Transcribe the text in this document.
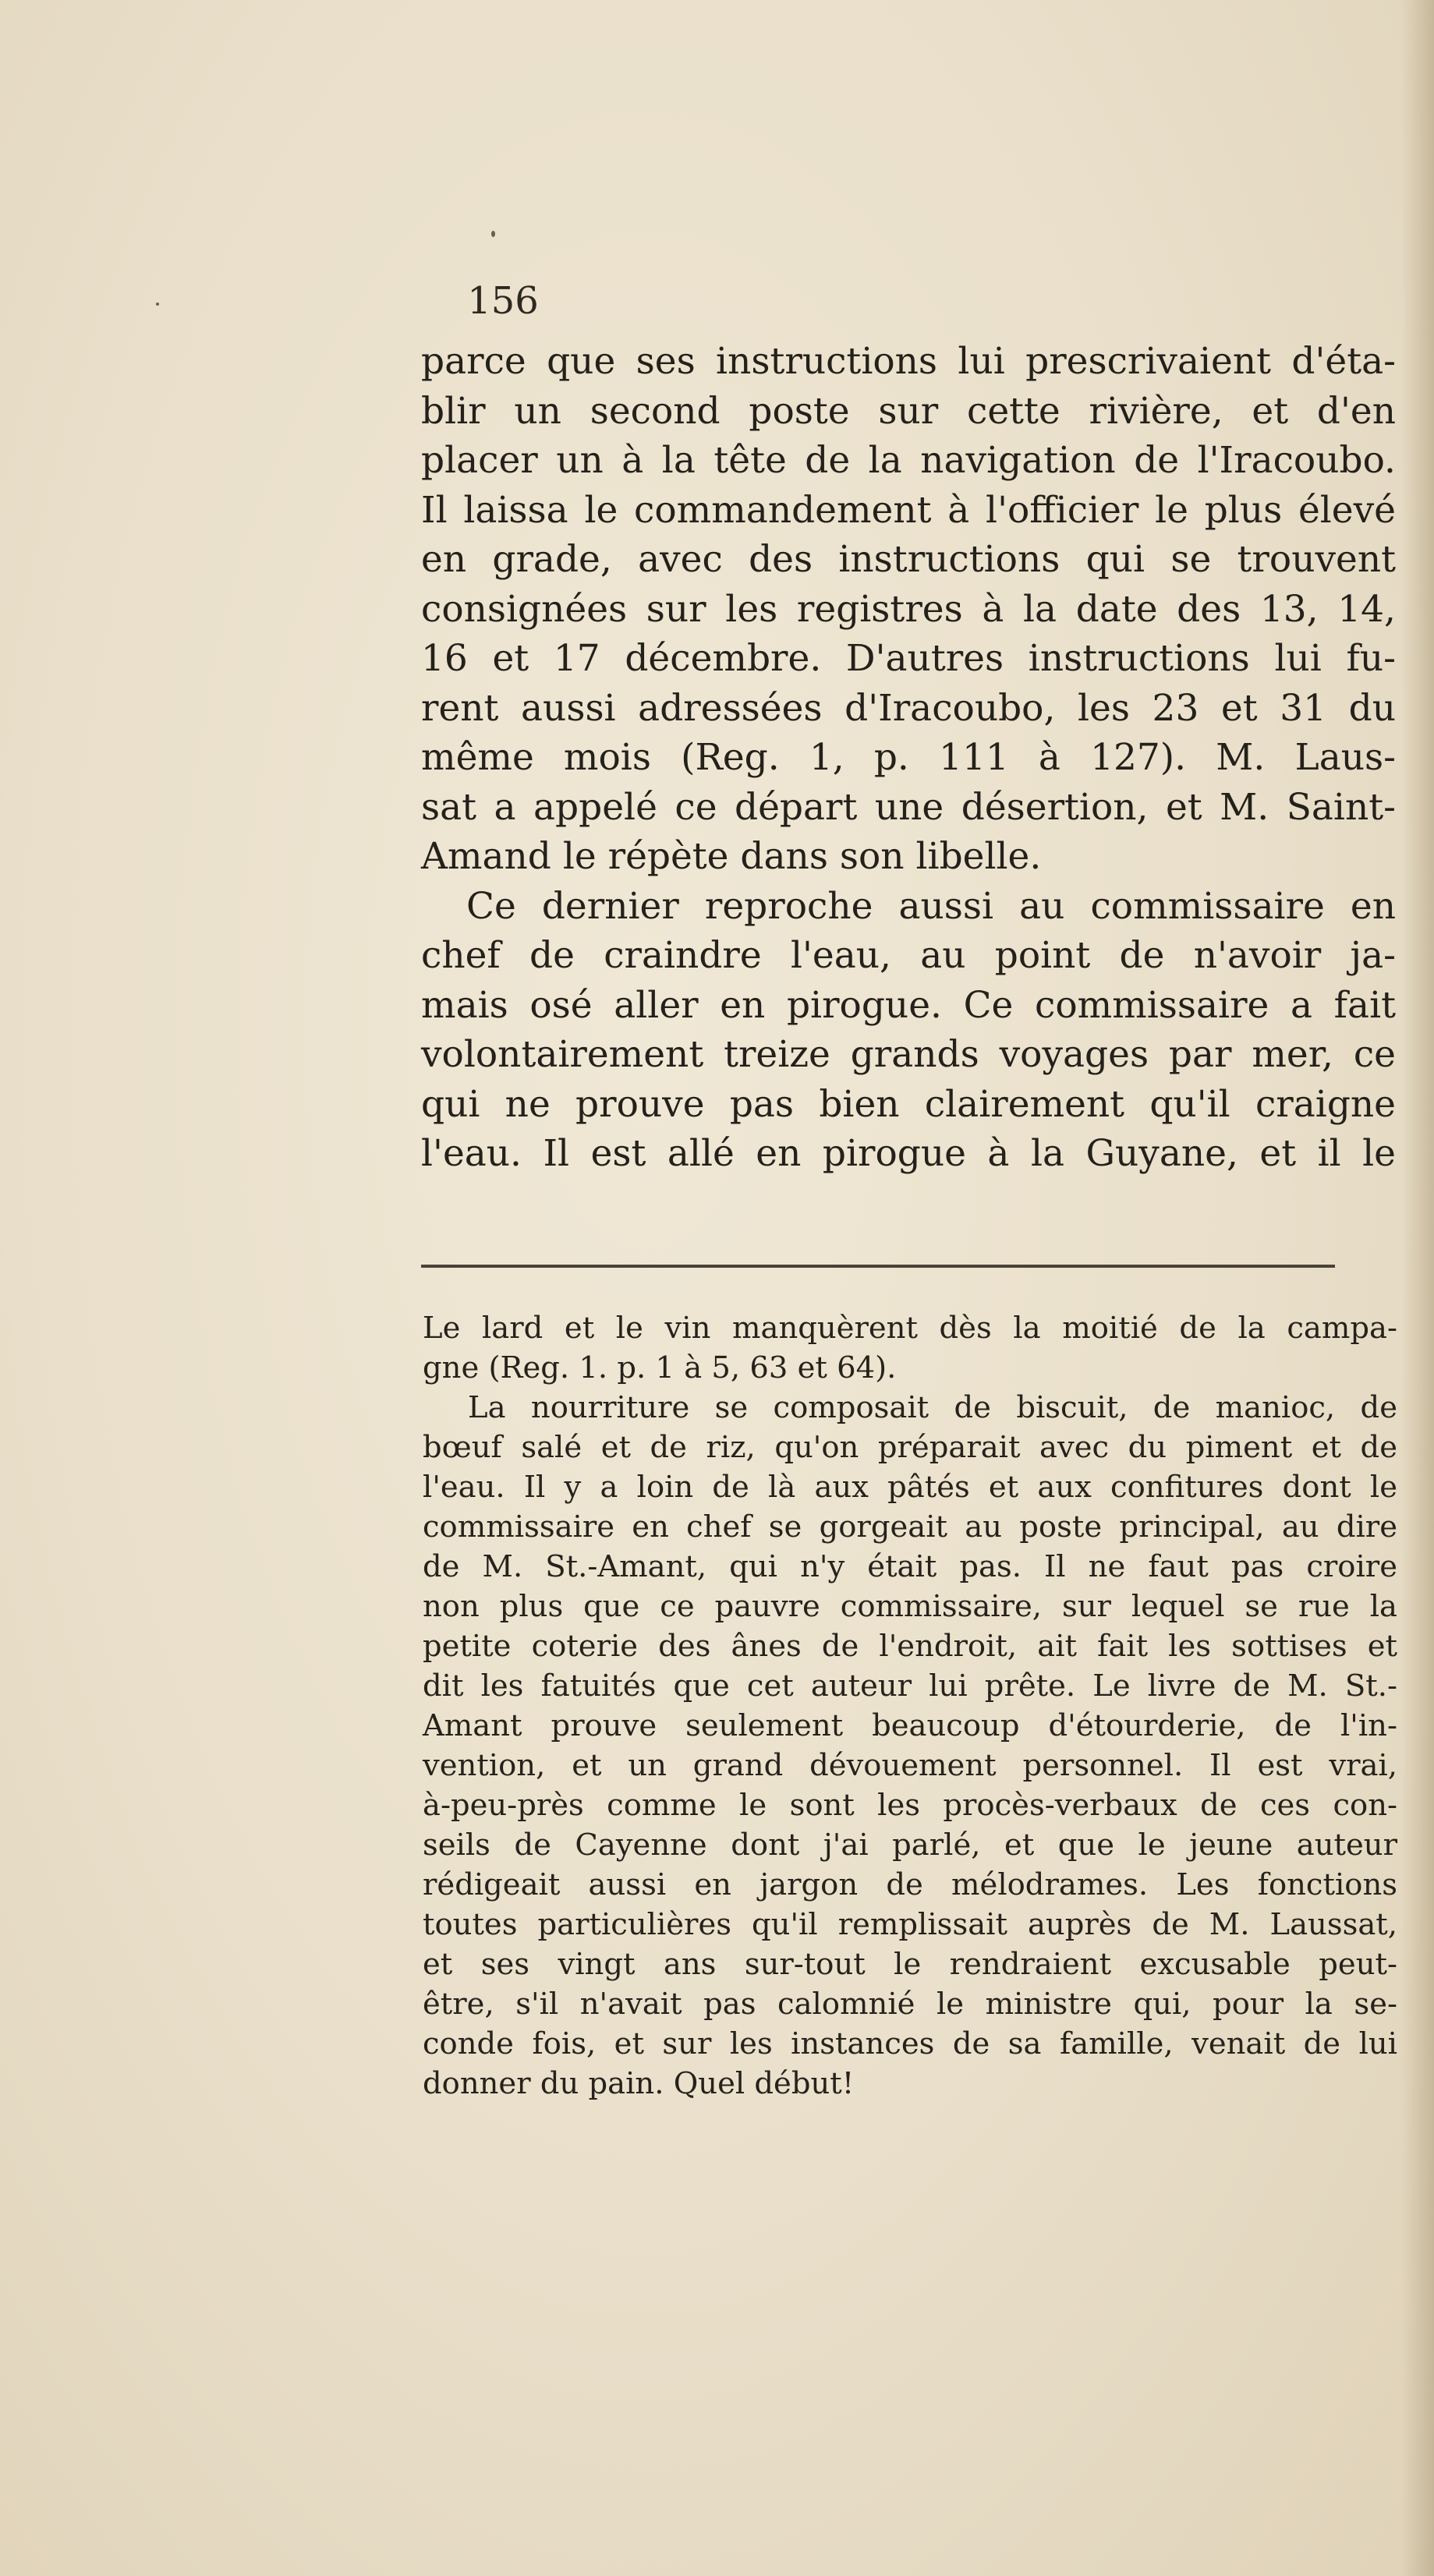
156
parce que ses instructions lui prescrivaient d'éta-
blir un second poste sur cette rivière, et d'en
placer un à la tête de la navigation de l'Iracoubo.
Il laissa le commandement à l'officier le plus élevé
en grade, avec des instructions qui se trouvent
consignées sur les registres à la date des 13, 14,
16 et 17 décembre. D'autres instructions lui fu-
rent aussi adressées d'Iracoubo, les 23 et 31 du
même mois (Reg. 1, p. 111 à 127). M. Laus-
sat a appelé ce départ une désertion, et M. Saint-
Amand le répète dans son libelle.
Ce dernier reproche aussi au commissaire en
chef de craindre l'eau, au point de n'avoir ja-
mais osé aller en pirogue. Ce commissaire a fait
volontairement treize grands voyages par mer, ce
qui ne prouve pas bien clairement qu'il craigne
l'eau. Il est allé en pirogue à la Guyane, et il le
Le lard et le vin manquèrent dès la moitié de la campa-
gne (Reg. 1. p. 1 à 5, 63 et 64).
La nourriture se composait de biscuit, de manioc, de
bœuf salé et de riz, qu'on préparait avec du piment et de
l'eau. Il y a loin de là aux pâtés et aux confitures dont le
commissaire en chef se gorgeait au poste principal, au dire
de M. St.-Amant, qui n'y était pas. Il ne faut pas croire
non plus que ce pauvre commissaire, sur lequel se rue la
petite coterie des ânes de l'endroit, ait fait les sottises et
dit les fatuités que cet auteur lui prête. Le livre de M. St.-
Amant prouve seulement beaucoup d'étourderie, de l'in-
vention, et un grand dévouement personnel. Il est vrai,
à-peu-près comme le sont les procès-verbaux de ces con-
seils de Cayenne dont j'ai parlé, et que le jeune auteur
rédigeait aussi en jargon de mélodrames. Les fonctions
toutes particulières qu'il remplissait auprès de M. Laussat,
et ses vingt ans sur-tout le rendraient excusable peut-
être, s'il n'avait pas calomnié le ministre qui, pour la se-
conde fois, et sur les instances de sa famille, venait de lui
donner du pain. Quel début!
